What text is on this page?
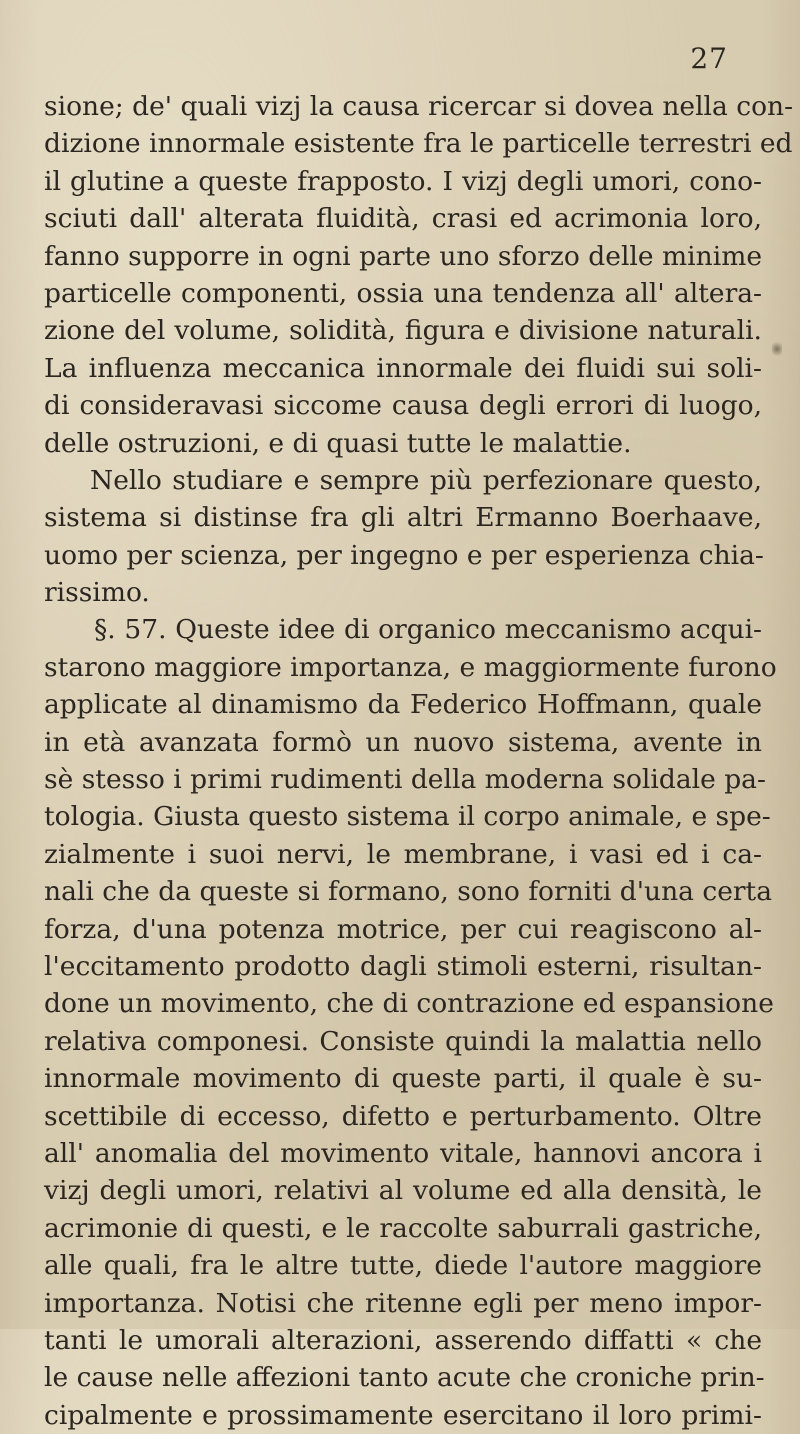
27
sione; de' quali vizj la causa ricercar si dovea nella con-
dizione innormale esistente fra le particelle terrestri ed
il glutine a queste frapposto. I vizj degli umori, cono-
sciuti dall' alterata fluidità, crasi ed acrimonia loro,
fanno supporre in ogni parte uno sforzo delle minime
particelle componenti, ossia una tendenza all' altera-
zione del volume, solidità, figura e divisione naturali.
La influenza meccanica innormale dei fluidi sui soli-
di consideravasi siccome causa degli errori di luogo,
delle ostruzioni, e di quasi tutte le malattie.
Nello studiare e sempre più perfezionare questo,
sistema si distinse fra gli altri Ermanno Boerhaave,
uomo per scienza, per ingegno e per esperienza chia-
rissimo.
§. 57. Queste idee di organico meccanismo acqui-
starono maggiore importanza, e maggiormente furono
applicate al dinamismo da Federico Hoffmann, quale
in età avanzata formò un nuovo sistema, avente in
sè stesso i primi rudimenti della moderna solidale pa-
tologia. Giusta questo sistema il corpo animale, e spe-
zialmente i suoi nervi, le membrane, i vasi ed i ca-
nali che da queste si formano, sono forniti d'una certa
forza, d'una potenza motrice, per cui reagiscono al-
l'eccitamento prodotto dagli stimoli esterni, risultan-
done un movimento, che di contrazione ed espansione
relativa componesi. Consiste quindi la malattia nello
innormale movimento di queste parti, il quale è su-
scettibile di eccesso, difetto e perturbamento. Oltre
all' anomalia del movimento vitale, hannovi ancora i
vizj degli umori, relativi al volume ed alla densità, le
acrimonie di questi, e le raccolte saburrali gastriche,
alle quali, fra le altre tutte, diede l'autore maggiore
importanza. Notisi che ritenne egli per meno impor-
tanti le umorali alterazioni, asserendo diffatti « che
le cause nelle affezioni tanto acute che croniche prin-
cipalmente e prossimamente esercitano il loro primi-
